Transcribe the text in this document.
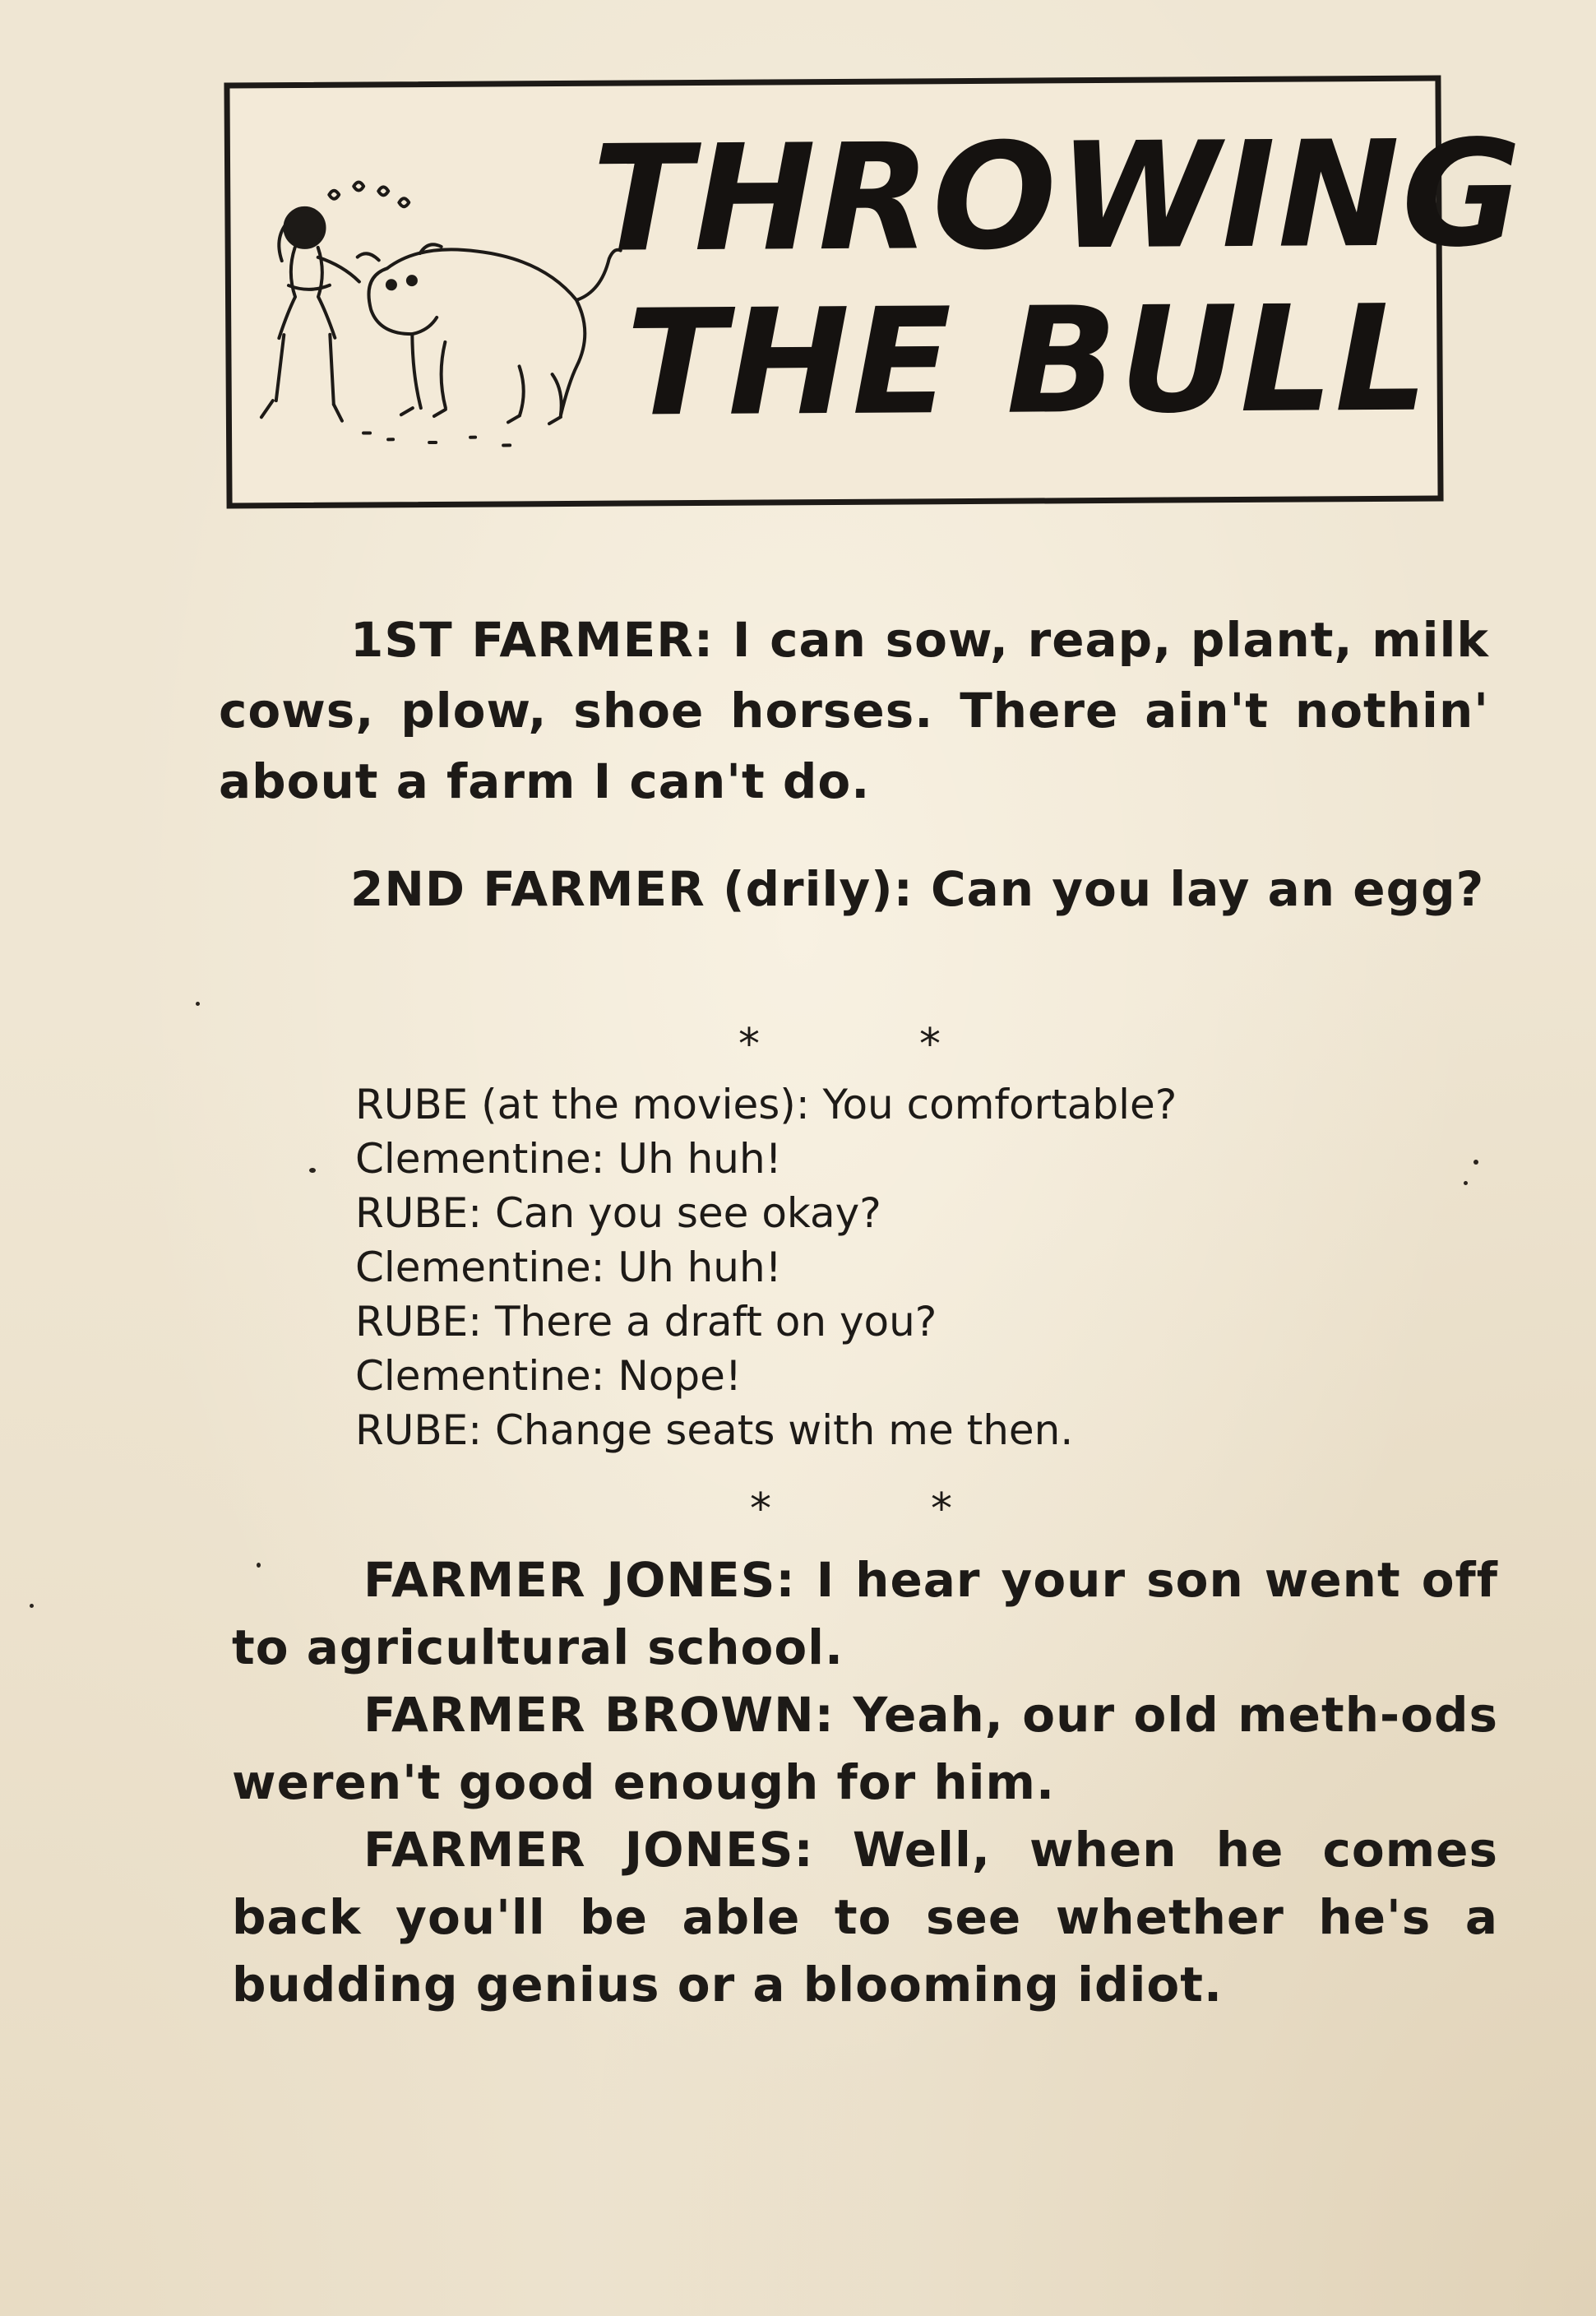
THROWING
THE BULL
1ST FARMER: I can sow, reap, plant, milk cows, plow, shoe horses. There ain't nothin' about a farm I can't do.
2ND FARMER (drily): Can you lay an egg?
*	*
RUBE (at the movies): You comfortable?
Clementine: Uh huh!
RUBE: Can you see okay?
Clementine: Uh huh!
RUBE: There a draft on you?
Clementine: Nope!
RUBE: Change seats with me then.
*	*

FARMER JONES: I hear your son went off to agricultural school.

FARMER BROWN: Yeah, our old meth-ods weren't good enough for him.

FARMER JONES: Well, when he comes back you'll be able to see whether he's a budding genius or a blooming idiot.
